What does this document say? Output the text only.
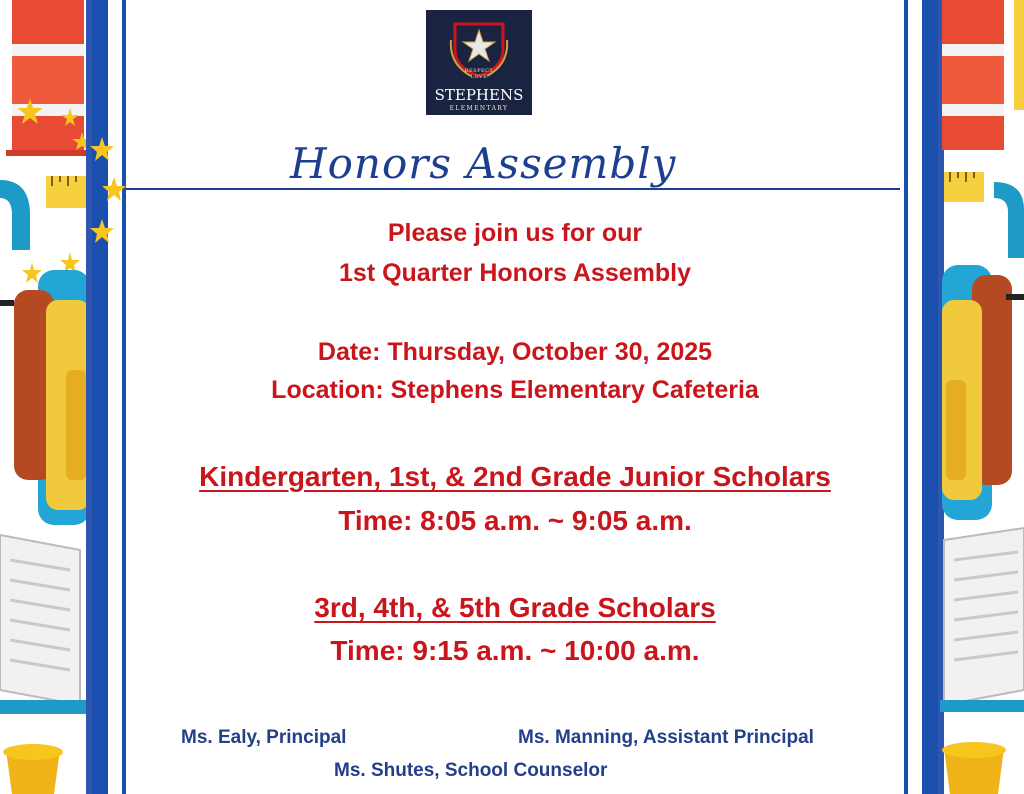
RESPECT
LOVE
STEPHENS
ELEMENTARY
Honors Assembly
Please join us for our
1st Quarter Honors Assembly
Date: Thursday, October 30, 2025
Location: Stephens Elementary Cafeteria
Kindergarten, 1st, & 2nd Grade Junior Scholars
Time: 8:05 a.m. ~ 9:05 a.m.
3rd, 4th, & 5th Grade Scholars
Time: 9:15 a.m. ~ 10:00 a.m.
Ms. Ealy, Principal	Ms. Manning, Assistant Principal
Ms. Shutes, School Counselor
